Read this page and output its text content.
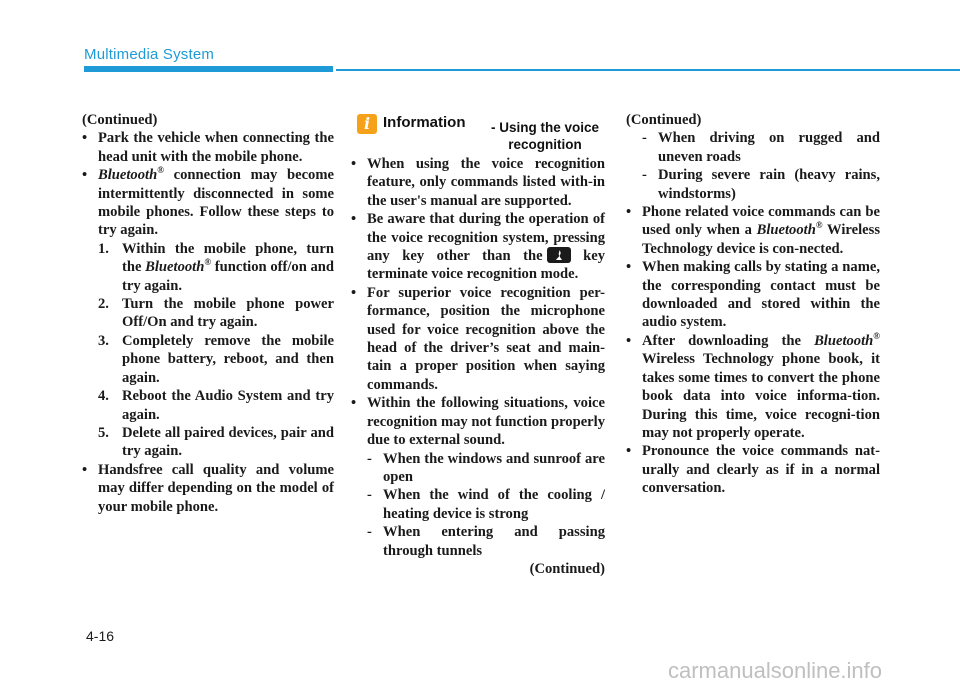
Multimedia System

(Continued)

• Park the vehicle when connecting the head unit with the mobile phone.
• Bluetooth® connection may become intermittently disconnected in some mobile phones. Follow these steps to try again.
1. Within the mobile phone, turn the Bluetooth® function off/on and try again.
2. Turn the mobile phone power Off/On and try again.
3. Completely remove the mobile phone battery, reboot, and then again.
4. Reboot the Audio System and try again.
5. Delete all paired devices, pair and try again.
• Handsfree call quality and volume may differ depending on the model of your mobile phone.
i Information	- Using the voice
recognition
• When using the voice recognition feature, only commands listed with-in the user's manual are supported.
• Be aware that during the operation of the voice recognition system, pressing any key other than the
key terminate voice recognition mode.
• For superior voice recognition per-formance, position the microphone used for voice recognition above the head of the driver’s seat and main-tain a proper position when saying commands.
• Within the following situations, voice recognition may not function properly due to external sound.
- When the windows and sunroof are open
- When the wind of the cooling / heating device is strong
- When entering and passing through tunnels

(Continued)

(Continued)

- When driving on rugged and uneven roads
- During severe rain (heavy rains, windstorms)
• Phone related voice commands can be used only when a Bluetooth® Wireless Technology device is con-nected.
• When making calls by stating a name, the corresponding contact must be downloaded and stored within the audio system.
• After downloading the Bluetooth® Wireless Technology phone book, it takes some times to convert the phone book data into voice informa-tion. During this time, voice recogni-tion may not properly operate.
• Pronounce the voice commands nat-urally and clearly as if in a normal conversation.
4-16
carmanualsonline.info
